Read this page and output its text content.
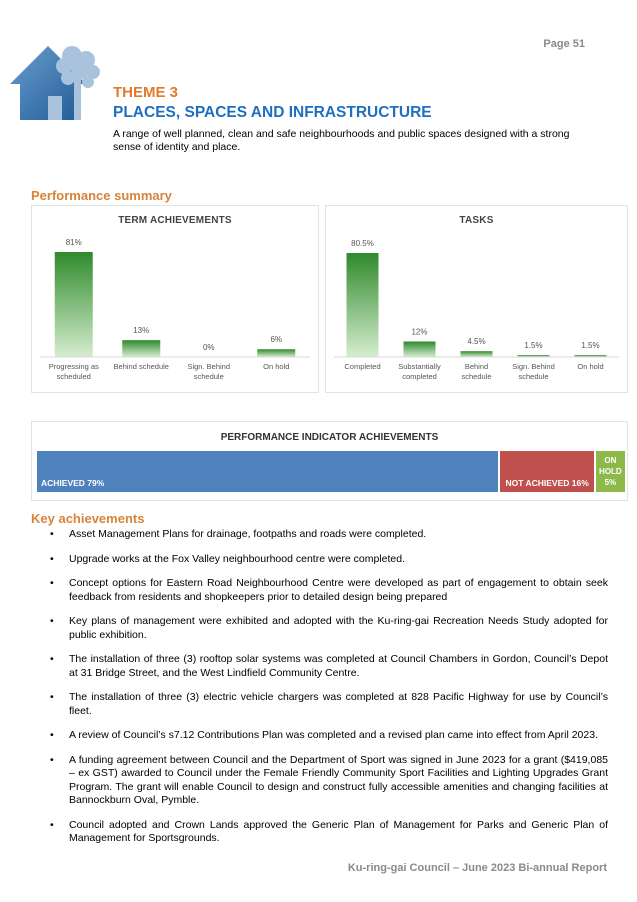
Page 51
THEME 3
PLACES, SPACES AND INFRASTRUCTURE
A range of well planned, clean and safe neighbourhoods and public spaces designed with a strong sense of identity and place.
Performance summary
TERM ACHIEVEMENTS
81%
Progressing as scheduled
13%
Behind schedule
0%
Sign. Behind schedule
6%
On hold
TASKS
80.5%
Completed
12%
Substantially completed
4.5%
Behind schedule
1.5%
Sign. Behind schedule
1.5%
On hold
PERFORMANCE INDICATOR ACHIEVEMENTS
ACHIEVED 79%	NOT ACHIEVED 16%
ON
HOLD
5%
Key achievements
• Asset Management Plans for drainage, footpaths and roads were completed.
• Upgrade works at the Fox Valley neighbourhood centre were completed.
• Concept options for Eastern Road Neighbourhood Centre were developed as part of engagement to obtain seek feedback from residents and shopkeepers prior to detailed design being prepared
• Key plans of management were exhibited and adopted with the Ku-ring-gai Recreation Needs Study adopted for public exhibition.
• The installation of three (3) rooftop solar systems was completed at Council Chambers in Gordon, Council’s Depot at 31 Bridge Street, and the West Lindfield Community Centre.
• The installation of three (3) electric vehicle chargers was completed at 828 Pacific Highway for use by Council’s fleet.
• A review of Council’s s7.12 Contributions Plan was completed and a revised plan came into effect from April 2023.
• A funding agreement between Council and the Department of Sport was signed in June 2023 for a grant ($419,085 – ex GST) awarded to Council under the Female Friendly Community Sport Facilities and Lighting Upgrades Grant Program. The grant will enable Council to design and construct fully accessible amenities and changing facilities at Bannockburn Oval, Pymble.
• Council adopted and Crown Lands approved the Generic Plan of Management for Parks and Generic Plan of Management for Sportsgrounds.
Ku-ring-gai Council – June 2023 Bi-annual Report
